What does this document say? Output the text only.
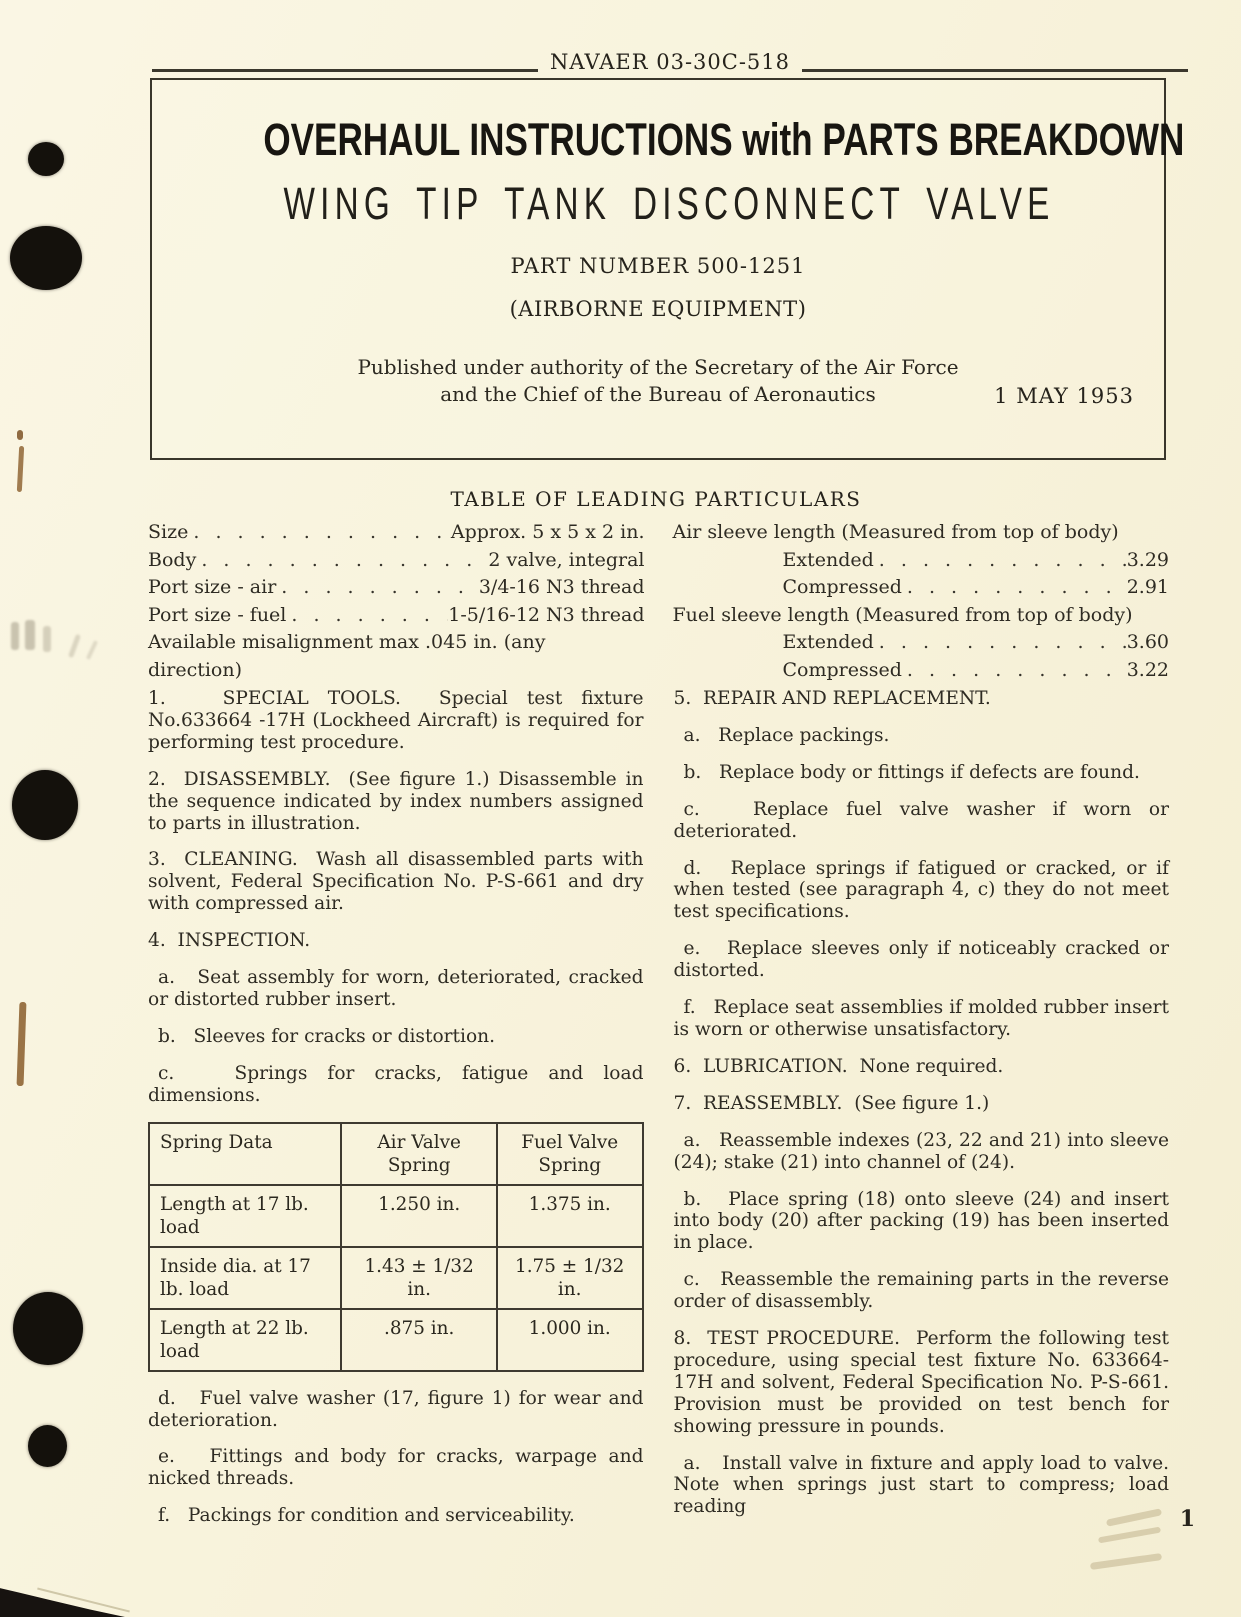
NAVAER 03-30C-518
OVERHAUL INSTRUCTIONS with PARTS BREAKDOWN
WING TIP TANK DISCONNECT VALVE
PART NUMBER 500-1251
(AIRBORNE EQUIPMENT)
Published under authority of the Secretary of the Air Force
and the Chief of the Bureau of Aeronautics	1 MAY 1953
TABLE OF LEADING PARTICULARS
Size . . .	Approx. 5 x 5 x 2 in.
Body . . .	2 valve, integral
Port size - air . . .	3/4-16 N3 thread
Port size - fuel . . .	1-5/16-12 N3 thread
Available misalignment max .045 in. (any direction)
Air sleeve length (Measured from top of body)
Extended . . .	3.29
Compressed . . .	2.91
Fuel sleeve length (Measured from top of body)
Extended . . .	3.60
Compressed . . .	3.22

1.   SPECIAL TOOLS.  Special test fixture No.633664 -17H (Lockheed Aircraft) is required for performing test procedure.

2.  DISASSEMBLY.  (See figure 1.) Disassemble in the sequence indicated by index numbers assigned to parts in illustration.

3.  CLEANING.  Wash all disassembled parts with solvent, Federal Specification No. P-S-661 and dry with compressed air.

4.  INSPECTION.

a.   Seat assembly for worn, deteriorated, cracked or distorted rubber insert.

b.   Sleeves for cracks or distortion.

c.   Springs for cracks, fatigue and load dimensions.

Spring Data	Air Valve Spring	Fuel Valve Spring
Length at 17 lb. load	1.250 in.	1.375 in.
Inside dia. at 17 lb. load	1.43 ± 1/32 in.	1.75 ± 1/32 in.
Length at 22 lb. load	.875 in.	1.000 in.

d.   Fuel valve washer (17, figure 1) for wear and deterioration.

e.   Fittings and body for cracks, warpage and nicked threads.

f.   Packings for condition and serviceability.

5.  REPAIR AND REPLACEMENT.

a.   Replace packings.

b.   Replace body or fittings if defects are found.

c.   Replace fuel valve washer if worn or deteriorated.

d.   Replace springs if fatigued or cracked, or if when tested (see paragraph 4, c) they do not meet test specifications.

e.   Replace sleeves only if noticeably cracked or distorted.

f.   Replace seat assemblies if molded rubber insert is worn or otherwise unsatisfactory.

6.  LUBRICATION.  None required.

7.  REASSEMBLY.  (See figure 1.)

a.   Reassemble indexes (23, 22 and 21) into sleeve (24); stake (21) into channel of (24).

b.   Place spring (18) onto sleeve (24) and insert into body (20) after packing (19) has been inserted in place.

c.   Reassemble the remaining parts in the reverse order of disassembly.

8.  TEST PROCEDURE.  Perform the following test procedure, using special test fixture No. 633664-17H and solvent, Federal Specification No. P-S-661. Provision must be provided on test bench for showing pressure in pounds.

a.   Install valve in fixture and apply load to valve. Note when springs just start to compress; load reading	1
